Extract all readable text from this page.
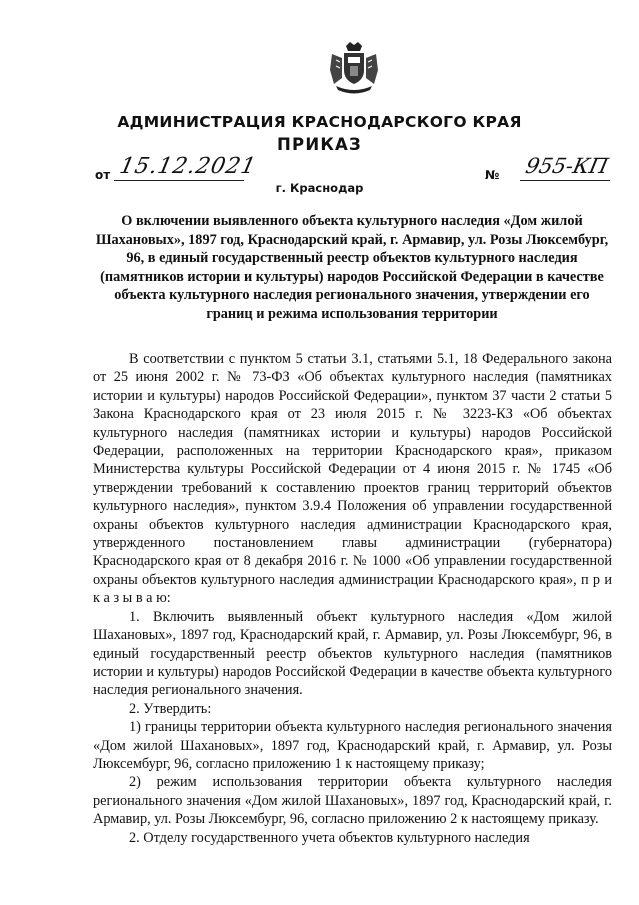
АДМИНИСТРАЦИЯ КРАСНОДАРСКОГО КРАЯ
ПРИКАЗ
от 15.12.2021	№ 955-КП
г. Краснодар

О включении выявленного объекта культурного наследия «Дом жилой Шахановых», 1897 год, Краснодарский край, г. Армавир, ул. Розы Люксембург, 96, в единый государственный реестр объектов культурного наследия (памятников истории и культуры) народов Российской Федерации в качестве объекта культурного наследия регионального значения, утверждении его границ и режима использования территории

В соответствии с пунктом 5 статьи 3.1, статьями 5.1, 18 Федерального закона от 25 июня 2002 г. № 73-ФЗ «Об объектах культурного наследия (памятниках истории и культуры) народов Российской Федерации», пунктом 37 части 2 статьи 5 Закона Краснодарского края от 23 июля 2015 г. № 3223-КЗ «Об объектах культурного наследия (памятниках истории и культуры) народов Российской Федерации, расположенных на территории Краснодарского края», приказом Министерства культуры Российской Федерации от 4 июня 2015 г. № 1745 «Об утверждении требований к составлению проектов границ территорий объектов культурного наследия», пунктом 3.9.4 Положения об управлении государственной охраны объектов культурного наследия администрации Краснодарского края, утвержденного постановлением главы администрации (губернатора) Краснодарского края от 8 декабря 2016 г. № 1000 «Об управлении государственной охраны объектов культурного наследия администрации Краснодарского края», п р и к а з ы в а ю:

1. Включить выявленный объект культурного наследия «Дом жилой Шахановых», 1897 год, Краснодарский край, г. Армавир, ул. Розы Люксембург, 96, в единый государственный реестр объектов культурного наследия (памятников истории и культуры) народов Российской Федерации в качестве объекта культурного наследия регионального значения.

2. Утвердить:

1) границы территории объекта культурного наследия регионального значения «Дом жилой Шахановых», 1897 год, Краснодарский край, г. Армавир, ул. Розы Люксембург, 96, согласно приложению 1 к настоящему приказу;

2) режим использования территории объекта культурного наследия регионального значения «Дом жилой Шахановых», 1897 год, Краснодарский край, г. Армавир, ул. Розы Люксембург, 96, согласно приложению 2 к настоящему приказу.

2. Отделу государственного учета объектов культурного наследия
